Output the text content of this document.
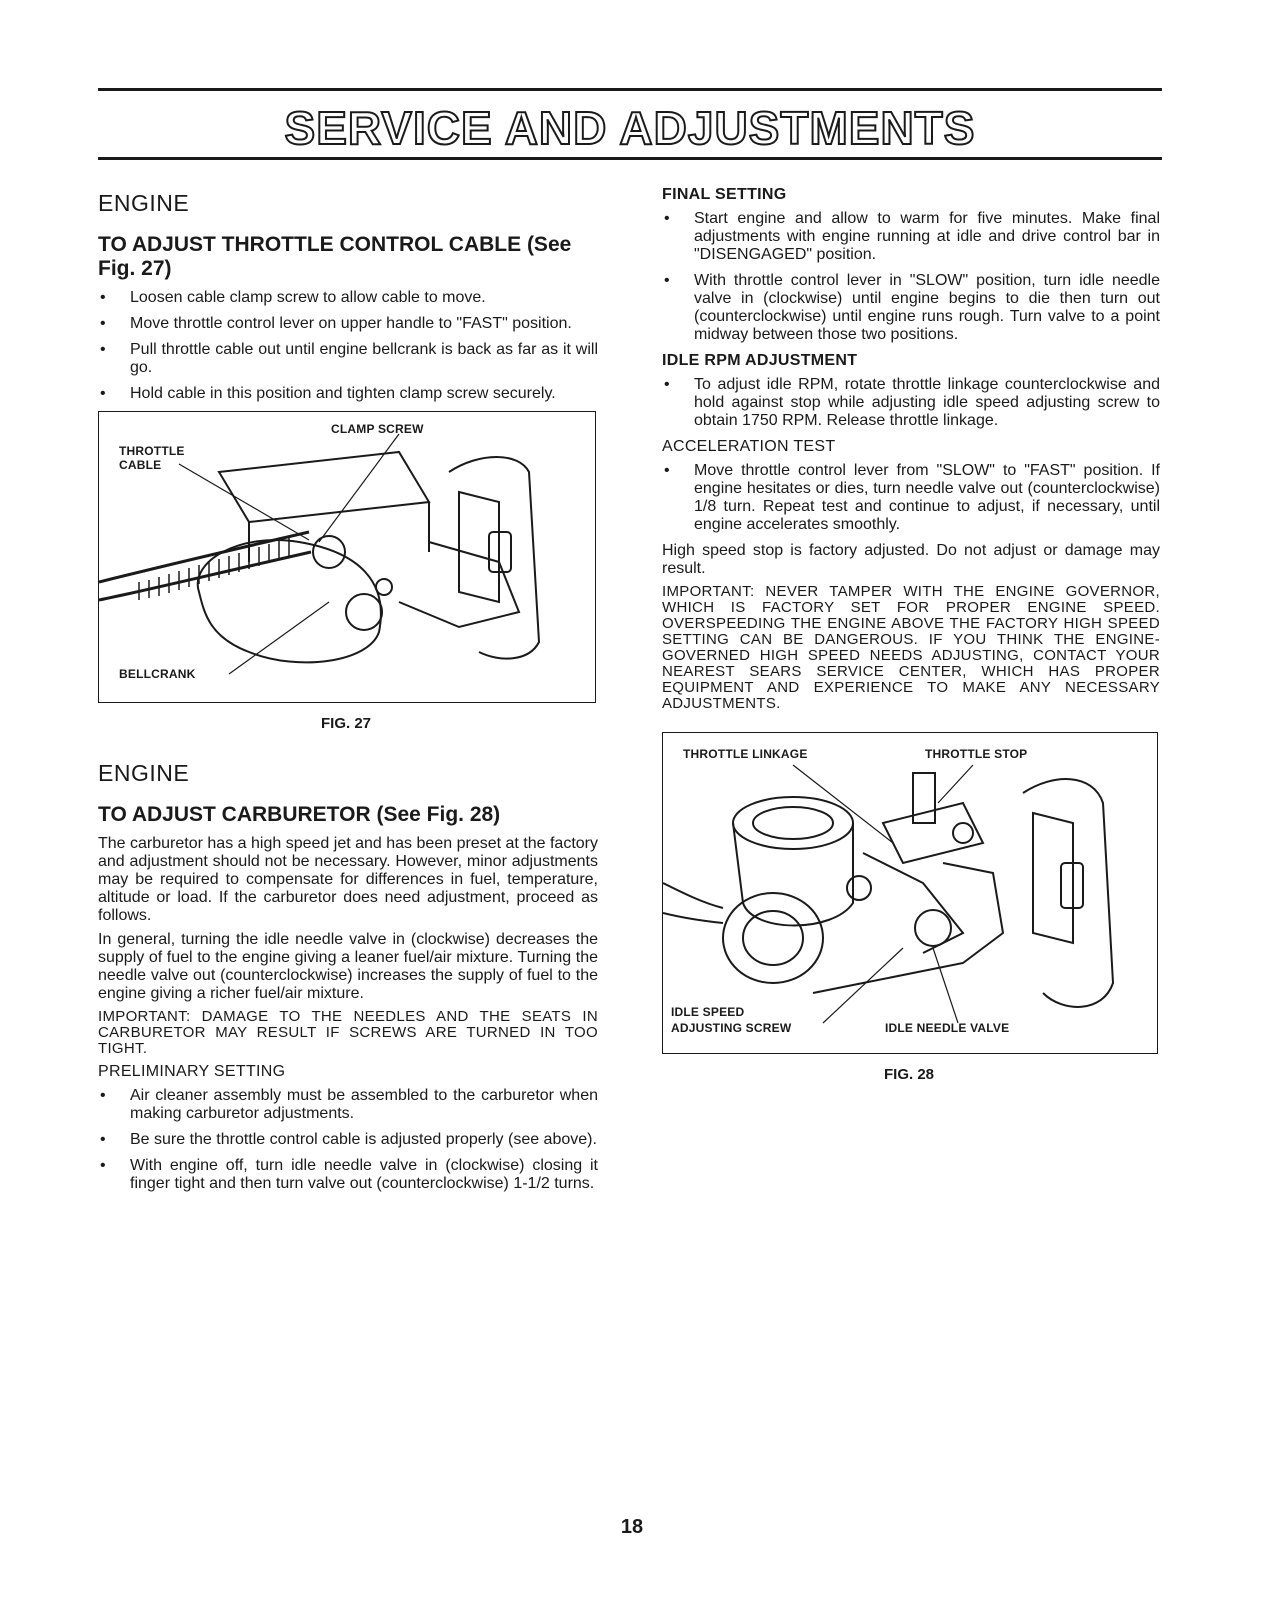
SERVICE AND ADJUSTMENTS
ENGINE
TO ADJUST THROTTLE CONTROL CABLE (See Fig. 27)
• Loosen cable clamp screw to allow cable to move.
• Move throttle control lever on upper handle to "FAST" position.
• Pull throttle cable out until engine bellcrank is back as far as it will go.
• Hold cable in this position and tighten clamp screw securely.
CLAMP SCREW
THROTTLE
CABLE
BELLCRANK
FIG. 27
ENGINE
TO ADJUST CARBURETOR (See Fig. 28)

The carburetor has a high speed jet and has been preset at the factory and adjustment should not be necessary. However, minor adjustments may be required to compensate for differences in fuel, temperature, altitude or load. If the carburetor does need adjustment, proceed as follows.

In general, turning the idle needle valve in (clockwise) decreases the supply of fuel to the engine giving a leaner fuel/air mixture. Turning the needle valve out (counterclockwise) increases the supply of fuel to the engine giving a richer fuel/air mixture.

IMPORTANT: DAMAGE TO THE NEEDLES AND THE SEATS IN CARBURETOR MAY RESULT IF SCREWS ARE TURNED IN TOO TIGHT.

PRELIMINARY SETTING
• Air cleaner assembly must be assembled to the carburetor when making carburetor adjustments.
• Be sure the throttle control cable is adjusted properly (see above).
• With engine off, turn idle needle valve in (clockwise) closing it finger tight and then turn valve out (counterclockwise) 1-1/2 turns.
FINAL SETTING
• Start engine and allow to warm for five minutes. Make final adjustments with engine running at idle and drive control bar in "DISENGAGED" position.
• With throttle control lever in "SLOW" position, turn idle needle valve in (clockwise) until engine begins to die then turn out (counterclockwise) until engine runs rough. Turn valve to a point midway between those two positions.
IDLE RPM ADJUSTMENT
• To adjust idle RPM, rotate throttle linkage counterclockwise and hold against stop while adjusting idle speed adjusting screw to obtain 1750 RPM. Release throttle linkage.
ACCELERATION TEST
• Move throttle control lever from "SLOW" to "FAST" position. If engine hesitates or dies, turn needle valve out (counterclockwise) 1/8 turn. Repeat test and continue to adjust, if necessary, until engine accelerates smoothly.

High speed stop is factory adjusted. Do not adjust or damage may result.

IMPORTANT: NEVER TAMPER WITH THE ENGINE GOVERNOR, WHICH IS FACTORY SET FOR PROPER ENGINE SPEED. OVERSPEEDING THE ENGINE ABOVE THE FACTORY HIGH SPEED SETTING CAN BE DANGEROUS. IF YOU THINK THE ENGINE-GOVERNED HIGH SPEED NEEDS ADJUSTING, CONTACT YOUR NEAREST SEARS SERVICE CENTER, WHICH HAS PROPER EQUIPMENT AND EXPERIENCE TO MAKE ANY NECESSARY ADJUSTMENTS.

THROTTLE LINKAGE	THROTTLE STOP
IDLE SPEED
ADJUSTING SCREW	IDLE NEEDLE VALVE
FIG. 28
18
